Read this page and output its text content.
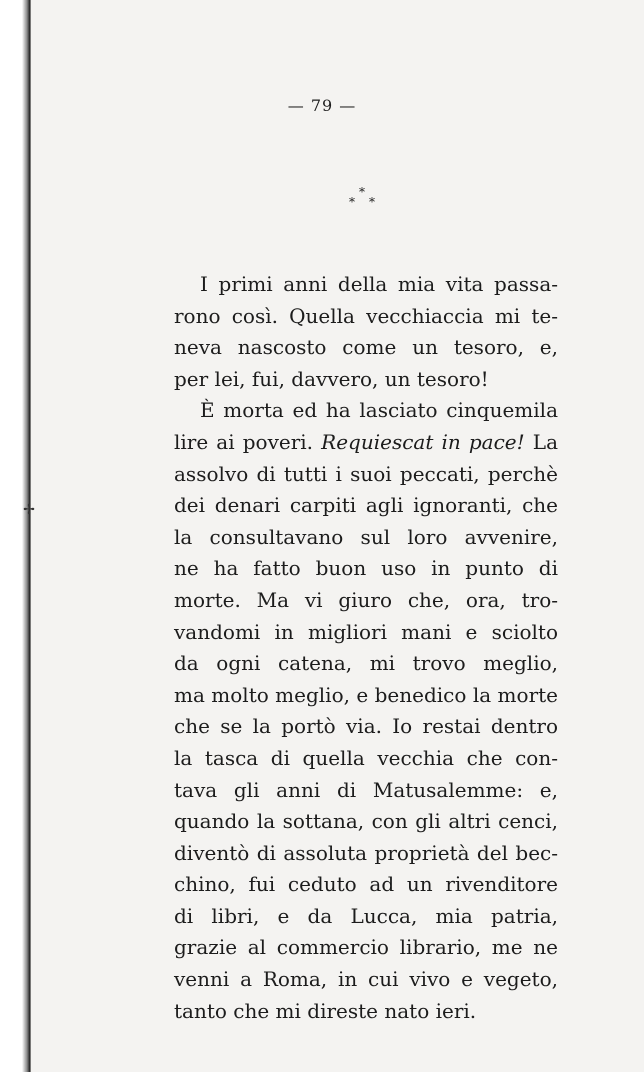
✢
— 79 —
*
* *
I primi anni della mia vita passa-
rono così. Quella vecchiaccia mi te-
neva nascosto come un tesoro, e,
per lei, fui, davvero, un tesoro!
È morta ed ha lasciato cinquemila
lire ai poveri. Requiescat in pace! La
assolvo di tutti i suoi peccati, perchè
dei denari carpiti agli ignoranti, che
la consultavano sul loro avvenire,
ne ha fatto buon uso in punto di
morte. Ma vi giuro che, ora, tro-
vandomi in migliori mani e sciolto
da ogni catena, mi trovo meglio,
ma molto meglio, e benedico la morte
che se la portò via. Io restai dentro
la tasca di quella vecchia che con-
tava gli anni di Matusalemme: e,
quando la sottana, con gli altri cenci,
diventò di assoluta proprietà del bec-
chino, fui ceduto ad un rivenditore
di libri, e da Lucca, mia patria,
grazie al commercio librario, me ne
venni a Roma, in cui vivo e vegeto,
tanto che mi direste nato ieri.
